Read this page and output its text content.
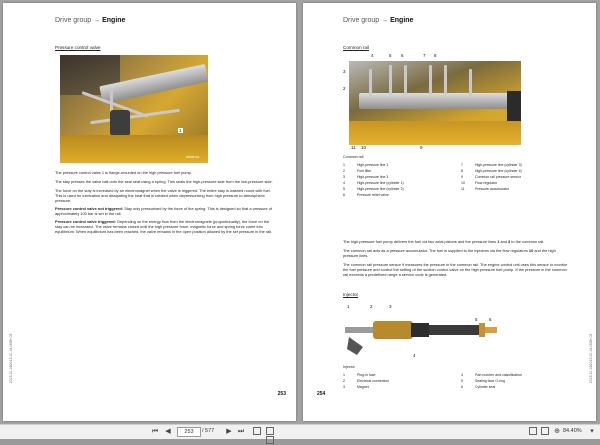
Drive group → Engine
Pressure control valve
1
00888741

The pressure control valve 1 is flange-mounted on the high pressure fuel pump.

The stay presses the valve ball onto the seal seat using a spring. This seals the high-pressure side from the low-pressure side.

The force on the stay is increased by an electromagnet when the valve is triggered. The entire stay is washed round with fuel. This is used for lubrication and dissipating the heat that is created when depressurising from high pressure to atmospheric pressure.

Pressure control valve not triggered: Stay only pressurised by the force of the spring. This is designed so that a pressure of approximately 100 bar is set in the rail.

Pressure control valve triggered: Depending on the energy flow from the electromagnets (proportionality), the force on the stay can be increased. The valve remains closed until the high pressure force, magnetic force and spring force come into equilibrium. When equilibrium has been reached, the valve remains in the open position allowed by the set pressure in the rail.

2015.10.14/2015.10.14-06SH-03
253
Drive group → Engine
Common rail
4	5 6	7 8
3
2
11 10	9
Common rail
1	High-pressure line 1
2	Fuel filter
3	High-pressure line 3
4	High-pressure line (cylinder 1)
5	High-pressure line (cylinder 2)
6	Pressure relief valve
7	High-pressure line (cylinder 3)
8	High-pressure line (cylinder 4)
9	Common rail pressure sensor
10	Flow regulator
11	Pressure accumulator

The high-pressure fuel pump delivers the fuel via two axial pistons and the pressure lines 1 and 3 to the common rail.

The common rail acts as a pressure accumulator. The fuel is supplied to the injectors via the flow regulators 10 and the high pressure lines.

The common rail pressure sensor 9 measures the pressure in the common rail. The engine control unit uses this sensor to monitor the fuel pressure and control the setting of the suction control valve on the high pressure fuel pump. If the pressure in the common rail exceeds a predefined range a service code is generated.

Injector
1	2	3
4
5	6
Injector
1	Plug-in fuse
2	Electrical connection
3	Magnet
4	Part number and classification
5	Sealing face O-ring
6	Cylinder seal
2015.10.14/2015.10.14-06SH-03
254
⏮	◀	253	/ 577	▶ ⏭	⊕ 84.40%	▾
